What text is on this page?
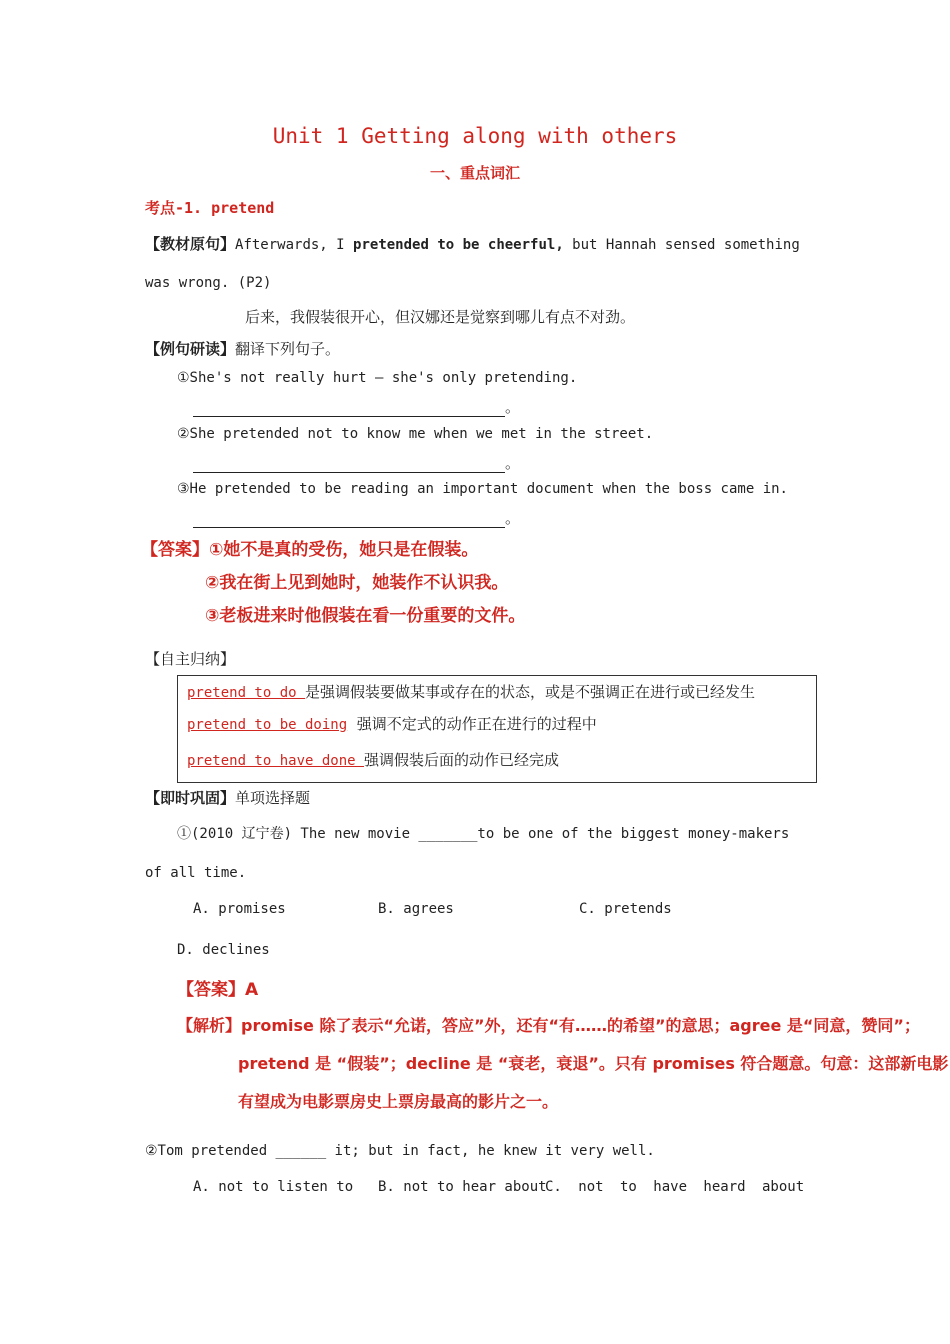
Unit 1 Getting along with others
一、重点词汇
考点-1. pretend
【教材原句】Afterwards, I pretended to be cheerful, but Hannah sensed something
was wrong. (P2)
后来，我假装很开心，但汉娜还是觉察到哪儿有点不对劲。
【例句研读】翻译下列句子。
①She's not really hurt — she's only pretending.
。
②She pretended not to know me when we met in the street.
。
③He pretended to be reading an important document when the boss came in.
。
【答案】①她不是真的受伤，她只是在假装。
②我在街上见到她时，她装作不认识我。
③老板进来时他假装在看一份重要的文件。
【自主归纳】
pretend to do 是强调假装要做某事或存在的状态，或是不强调正在进行或已经发生
pretend to be doing  强调不定式的动作正在进行的过程中
pretend to have done 强调假装后面的动作已经完成
【即时巩固】单项选择题
①(2010 辽宁卷) The new movie _______to be one of the biggest money-makers
of all time.
A. promises	B. agrees	C. pretends
D. declines
【答案】A
【解析】promise 除了表示“允诺，答应”外，还有“有……的希望”的意思；agree 是“同意，赞同”；
pretend 是 “假装”；decline 是 “衰老，衰退”。只有 promises 符合题意。句意：这部新电影
有望成为电影票房史上票房最高的影片之一。
②Tom pretended ______ it; but in fact, he knew it very well.
A. not to listen to B. not to hear about
C. not to have heard about
